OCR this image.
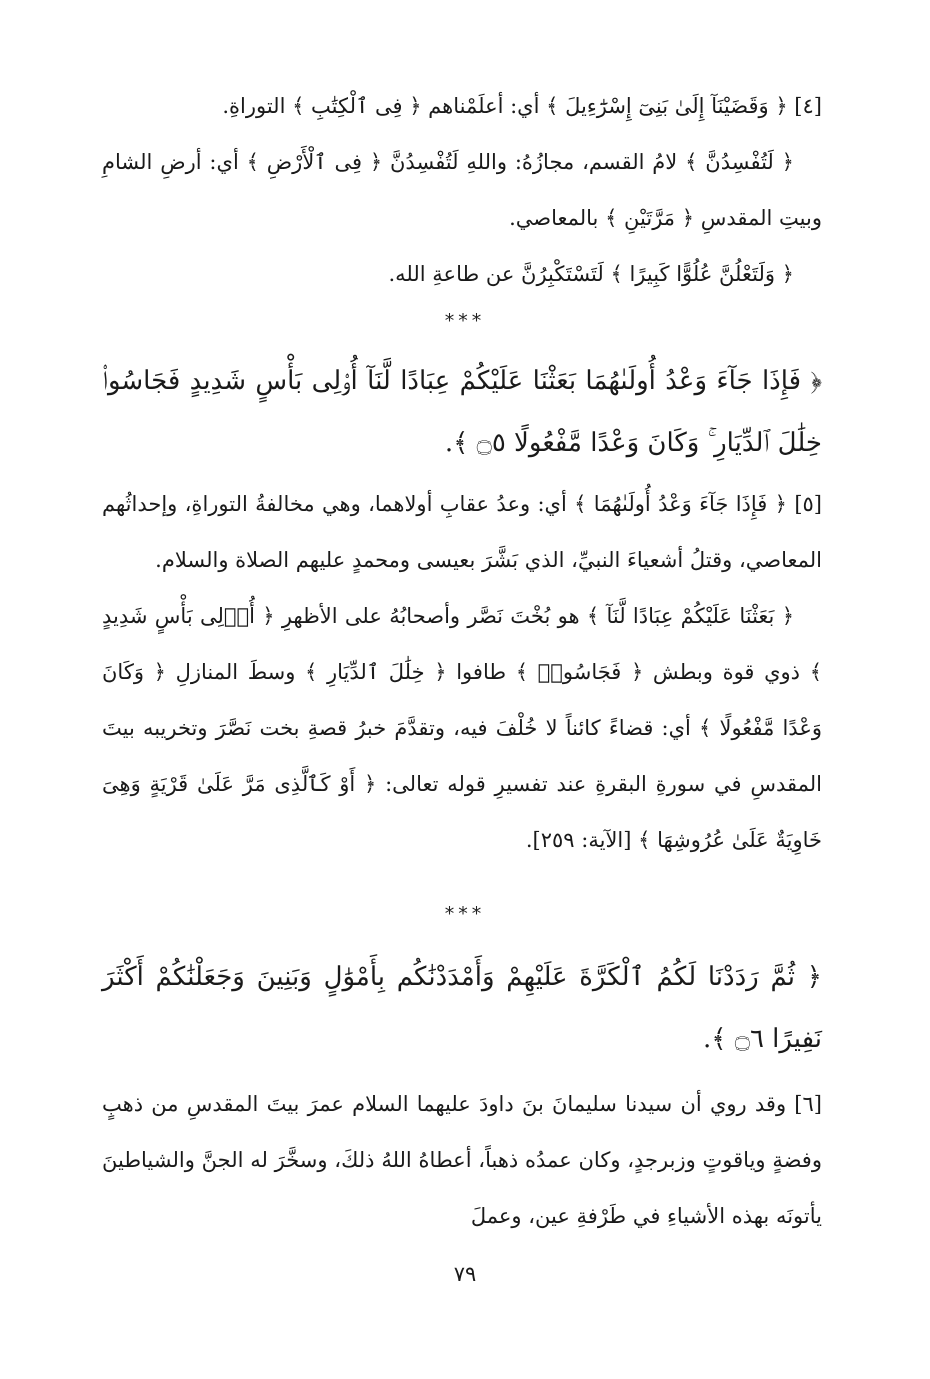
[٤] ﴿ وَقَضَيْنَآ إِلَىٰ بَنِىٓ إِسْرَٰٓءِيلَ ﴾ أي: أعلَمْناهم ﴿ فِى ٱلْكِتَٰبِ ﴾ التوراةِ.

﴿ لَتُفْسِدُنَّ ﴾ لامُ القسم، مجازُهُ: واللهِ لَتُفْسِدُنَّ ﴿ فِى ٱلْأَرْضِ ﴾ أي: أرضِ الشامِ وبيتِ المقدسِ ﴿ مَرَّتَيْنِ ﴾ بالمعاصي.

﴿ وَلَتَعْلُنَّ عُلُوًّا كَبِيرًا ﴾ لَتَسْتَكْبِرُنَّ عن طاعةِ الله.

***
﴿ فَإِذَا جَآءَ وَعْدُ أُولَىٰهُمَا بَعَثْنَا عَلَيْكُمْ عِبَادًا لَّنَآ أُو۟لِى بَأْسٍ شَدِيدٍ فَجَاسُوا۟ خِلَٰلَ ٱلدِّيَارِ ۚ وَكَانَ وَعْدًا مَّفْعُولًا ۝٥ ﴾.

[٥] ﴿ فَإِذَا جَآءَ وَعْدُ أُولَىٰهُمَا ﴾ أي: وعدُ عقابِ أولاهما، وهي مخالفةُ التوراةِ، وإحداثُهم المعاصي، وقتلُ أشعياءَ النبيِّ، الذي بَشَّرَ بعيسى ومحمدٍ عليهم الصلاة والسلام.

﴿ بَعَثْنَا عَلَيْكُمْ عِبَادًا لَّنَآ ﴾ هو بُخْتَ نَصَّر وأصحابُهُ على الأظهرِ ﴿ أُو۟لِى بَأْسٍ شَدِيدٍ ﴾ ذوي قوة وبطش ﴿ فَجَاسُوا۟ ﴾ طافوا ﴿ خِلَٰلَ ٱلدِّيَارِ ﴾ وسطَ المنازلِ ﴿ وَكَانَ وَعْدًا مَّفْعُولًا ﴾ أي: قضاءً كائناً لا خُلْفَ فيه، وتقدَّمَ خبرُ قصةِ بخت نَصَّرَ وتخريبه بيتَ المقدسِ في سورةِ البقرةِ عند تفسيرِ قوله تعالى: ﴿ أَوْ كَٱلَّذِى مَرَّ عَلَىٰ قَرْيَةٍ وَهِىَ خَاوِيَةٌ عَلَىٰ عُرُوشِهَا ﴾ [الآية: ٢٥٩].

***
﴿ ثُمَّ رَدَدْنَا لَكُمُ ٱلْكَرَّةَ عَلَيْهِمْ وَأَمْدَدْنَٰكُم بِأَمْوَٰلٍ وَبَنِينَ وَجَعَلْنَٰكُمْ أَكْثَرَ نَفِيرًا ۝٦ ﴾.

[٦] وقد روي أن سيدنا سليمانَ بنَ داودَ عليهما السلام عمرَ بيتَ المقدسِ من ذهبٍ وفضةٍ وياقوتٍ وزبرجدٍ، وكان عمدُه ذهباً، أعطاهُ اللهُ ذلكَ، وسخَّرَ له الجنَّ والشياطينَ يأتونَه بهذه الأشياءِ في طَرْفةِ عين، وعملَ

٧٩
